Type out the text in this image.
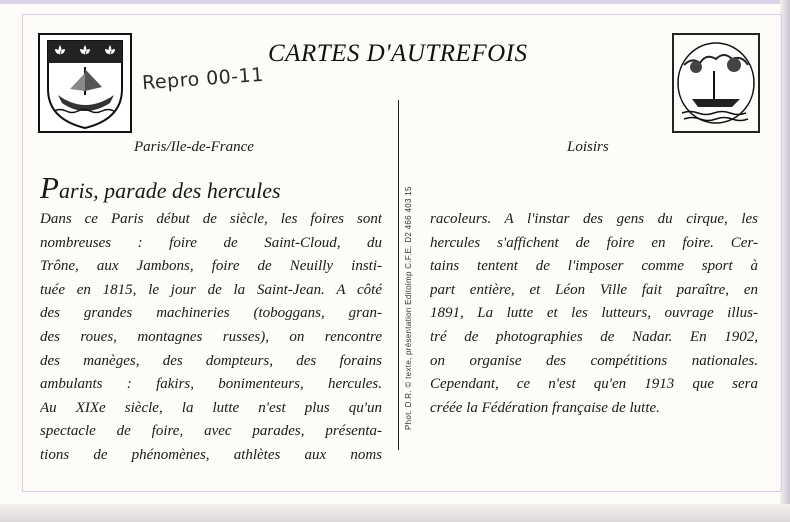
CARTES D'AUTREFOIS
Repro 00-11
Paris/Ile-de-France	Loisirs
Phot. D.R. © texte, présentation Editoimp C.F.E. D2 466 403 15
Paris, parade des hercules
Dans ce Paris début de siècle, les foires sont
nombreuses : foire de Saint-Cloud, du
Trône, aux Jambons, foire de Neuilly insti-
tuée en 1815, le jour de la Saint-Jean. A côté
des grandes machineries (toboggans, gran-
des roues, montagnes russes), on rencontre
des manèges, des dompteurs, des forains
ambulants : fakirs, bonimenteurs, hercules.
Au XIXe siècle, la lutte n'est plus qu'un
spectacle de foire, avec parades, présenta-
tions de phénomènes, athlètes aux noms
racoleurs. A l'instar des gens du cirque, les
hercules s'affichent de foire en foire. Cer-
tains tentent de l'imposer comme sport à
part entière, et Léon Ville fait paraître, en
1891, La lutte et les lutteurs, ouvrage illus-
tré de photographies de Nadar. En 1902,
on organise des compétitions nationales.
Cependant, ce n'est qu'en 1913 que sera
créée la Fédération française de lutte.
